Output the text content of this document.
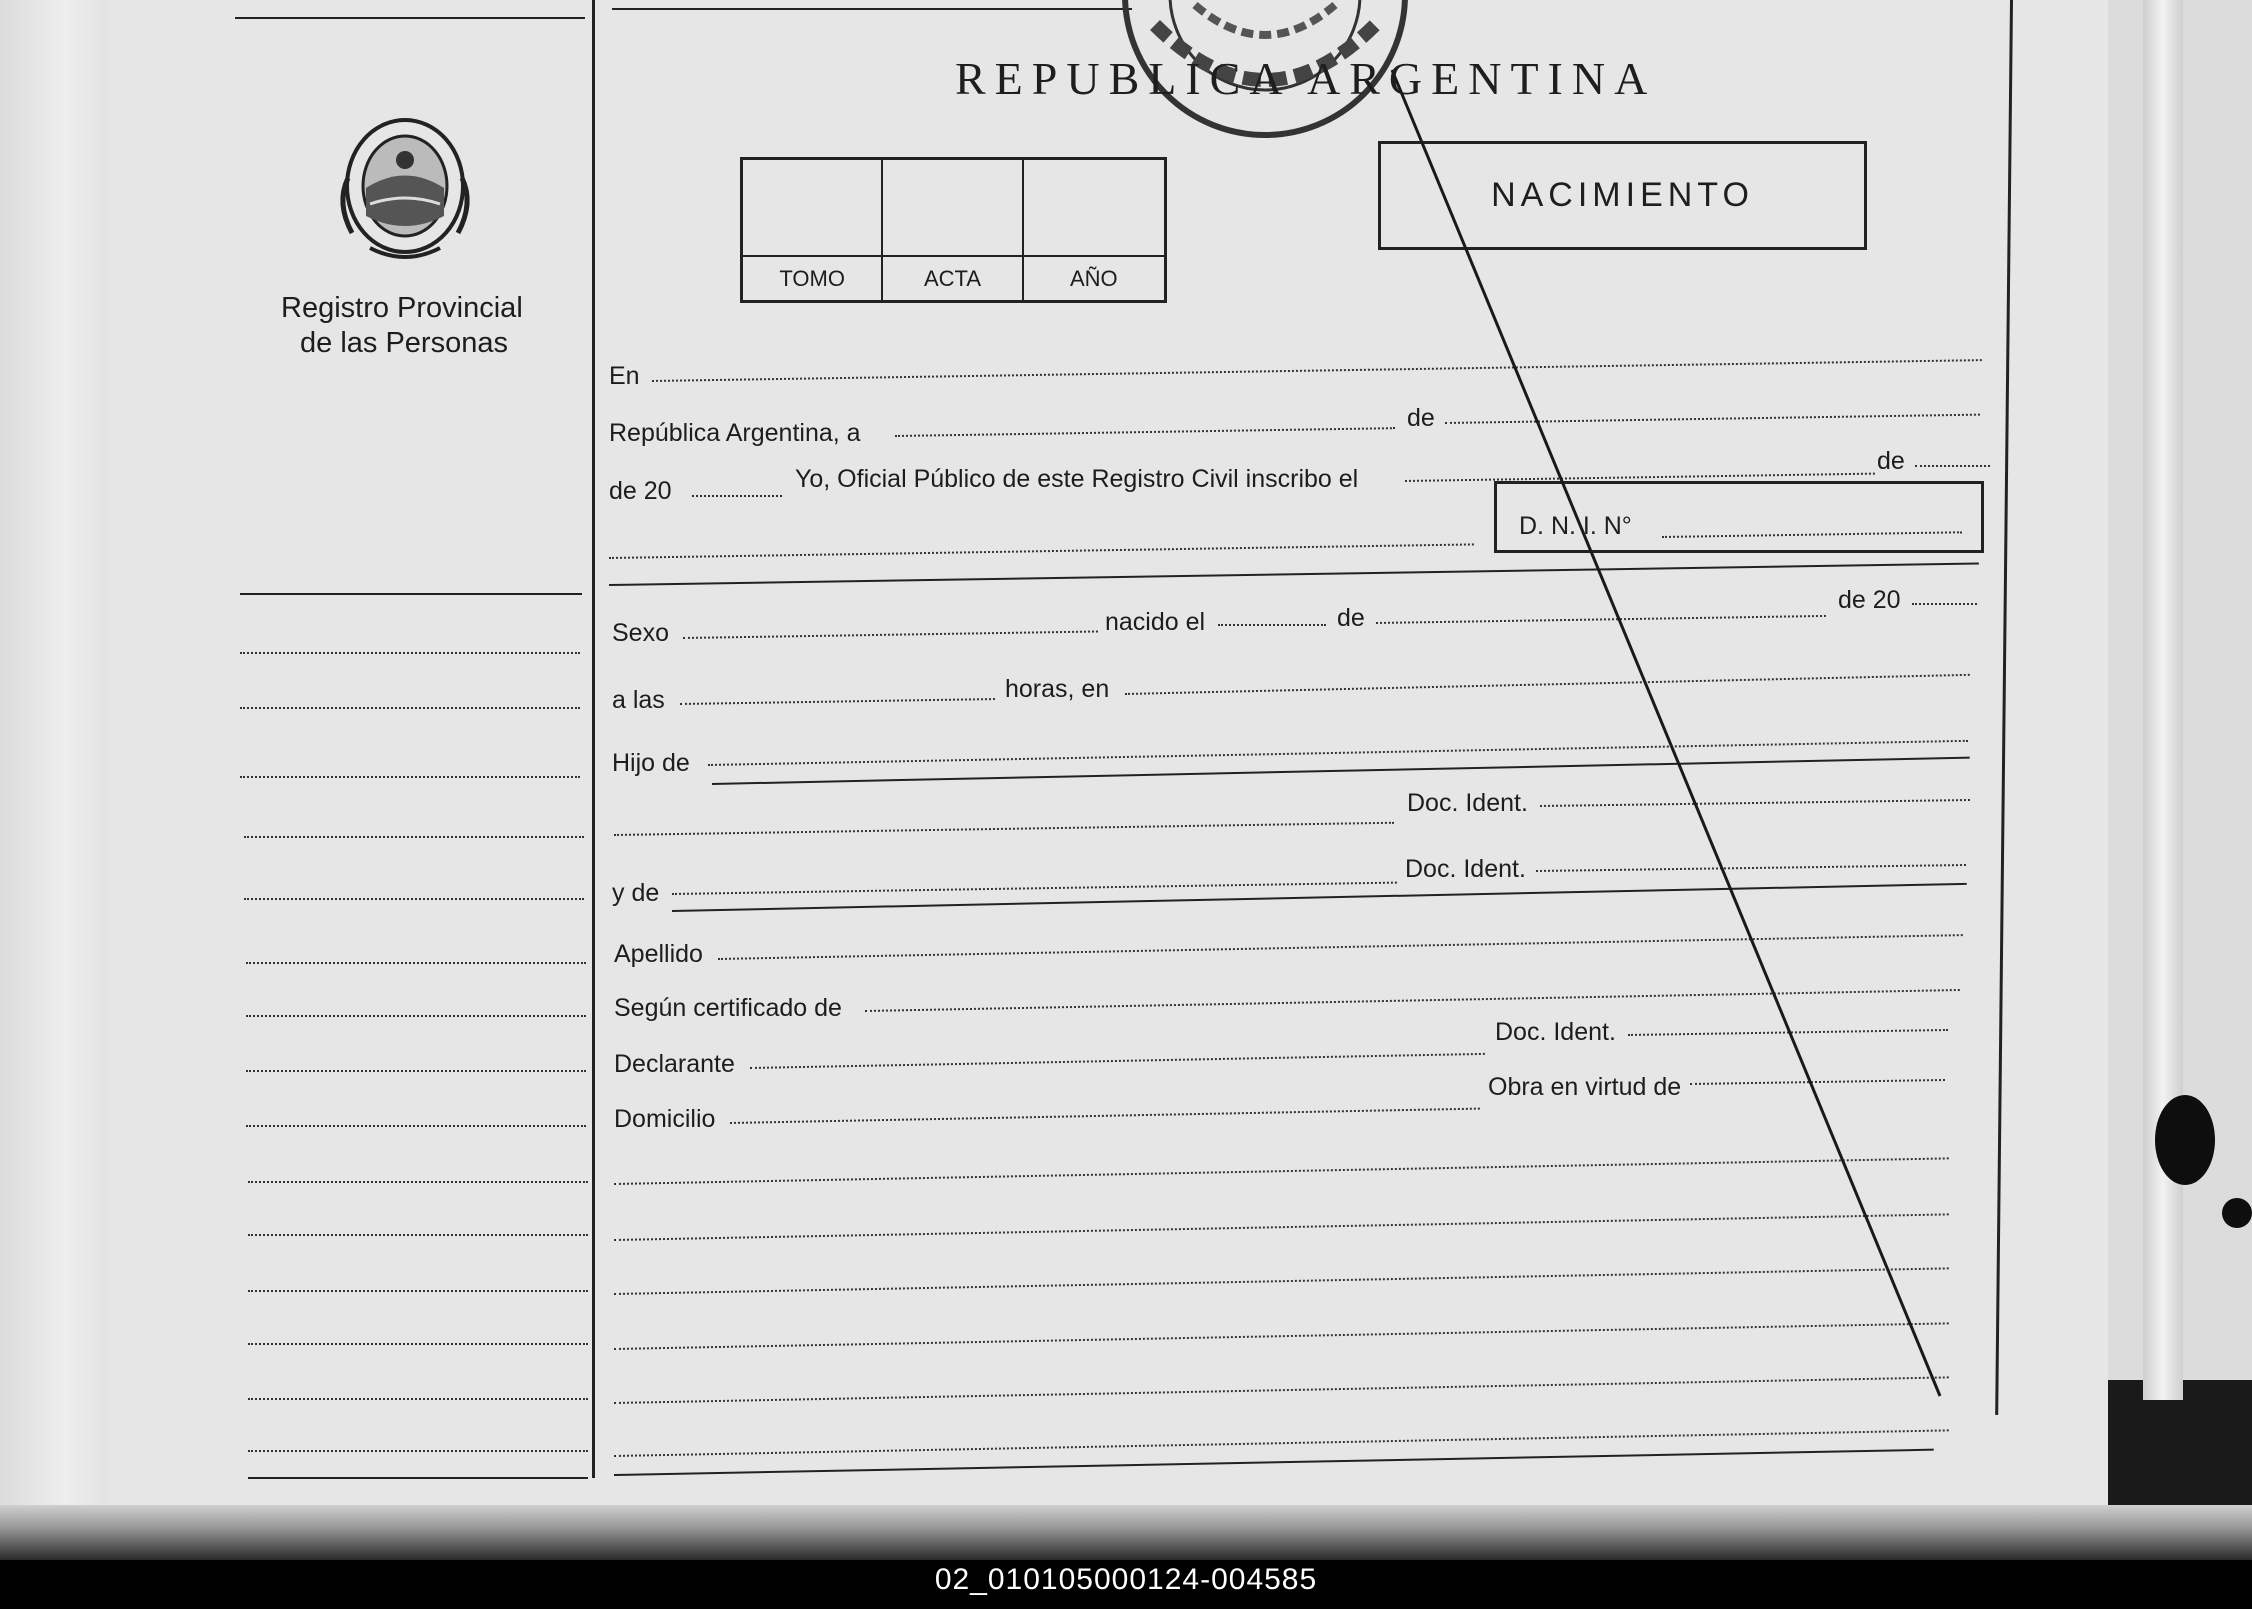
02_010105000124-004585
Registro Provincial
de las Personas
REPUBLICA ARGENTINA
TOMO	ACTA	AÑO
NACIMIENTO
En
República Argentina, a
de
de 20	Yo, Oficial Público de este Registro Civil inscribo el
de
D. N. I. N°
Sexo	nacido el	de
de 20
a las	horas, en
Hijo de
Doc. Ident.
y de
Doc. Ident.
Apellido
Según certificado de
Declarante
Doc. Ident.
Domicilio
Obra en virtud de
